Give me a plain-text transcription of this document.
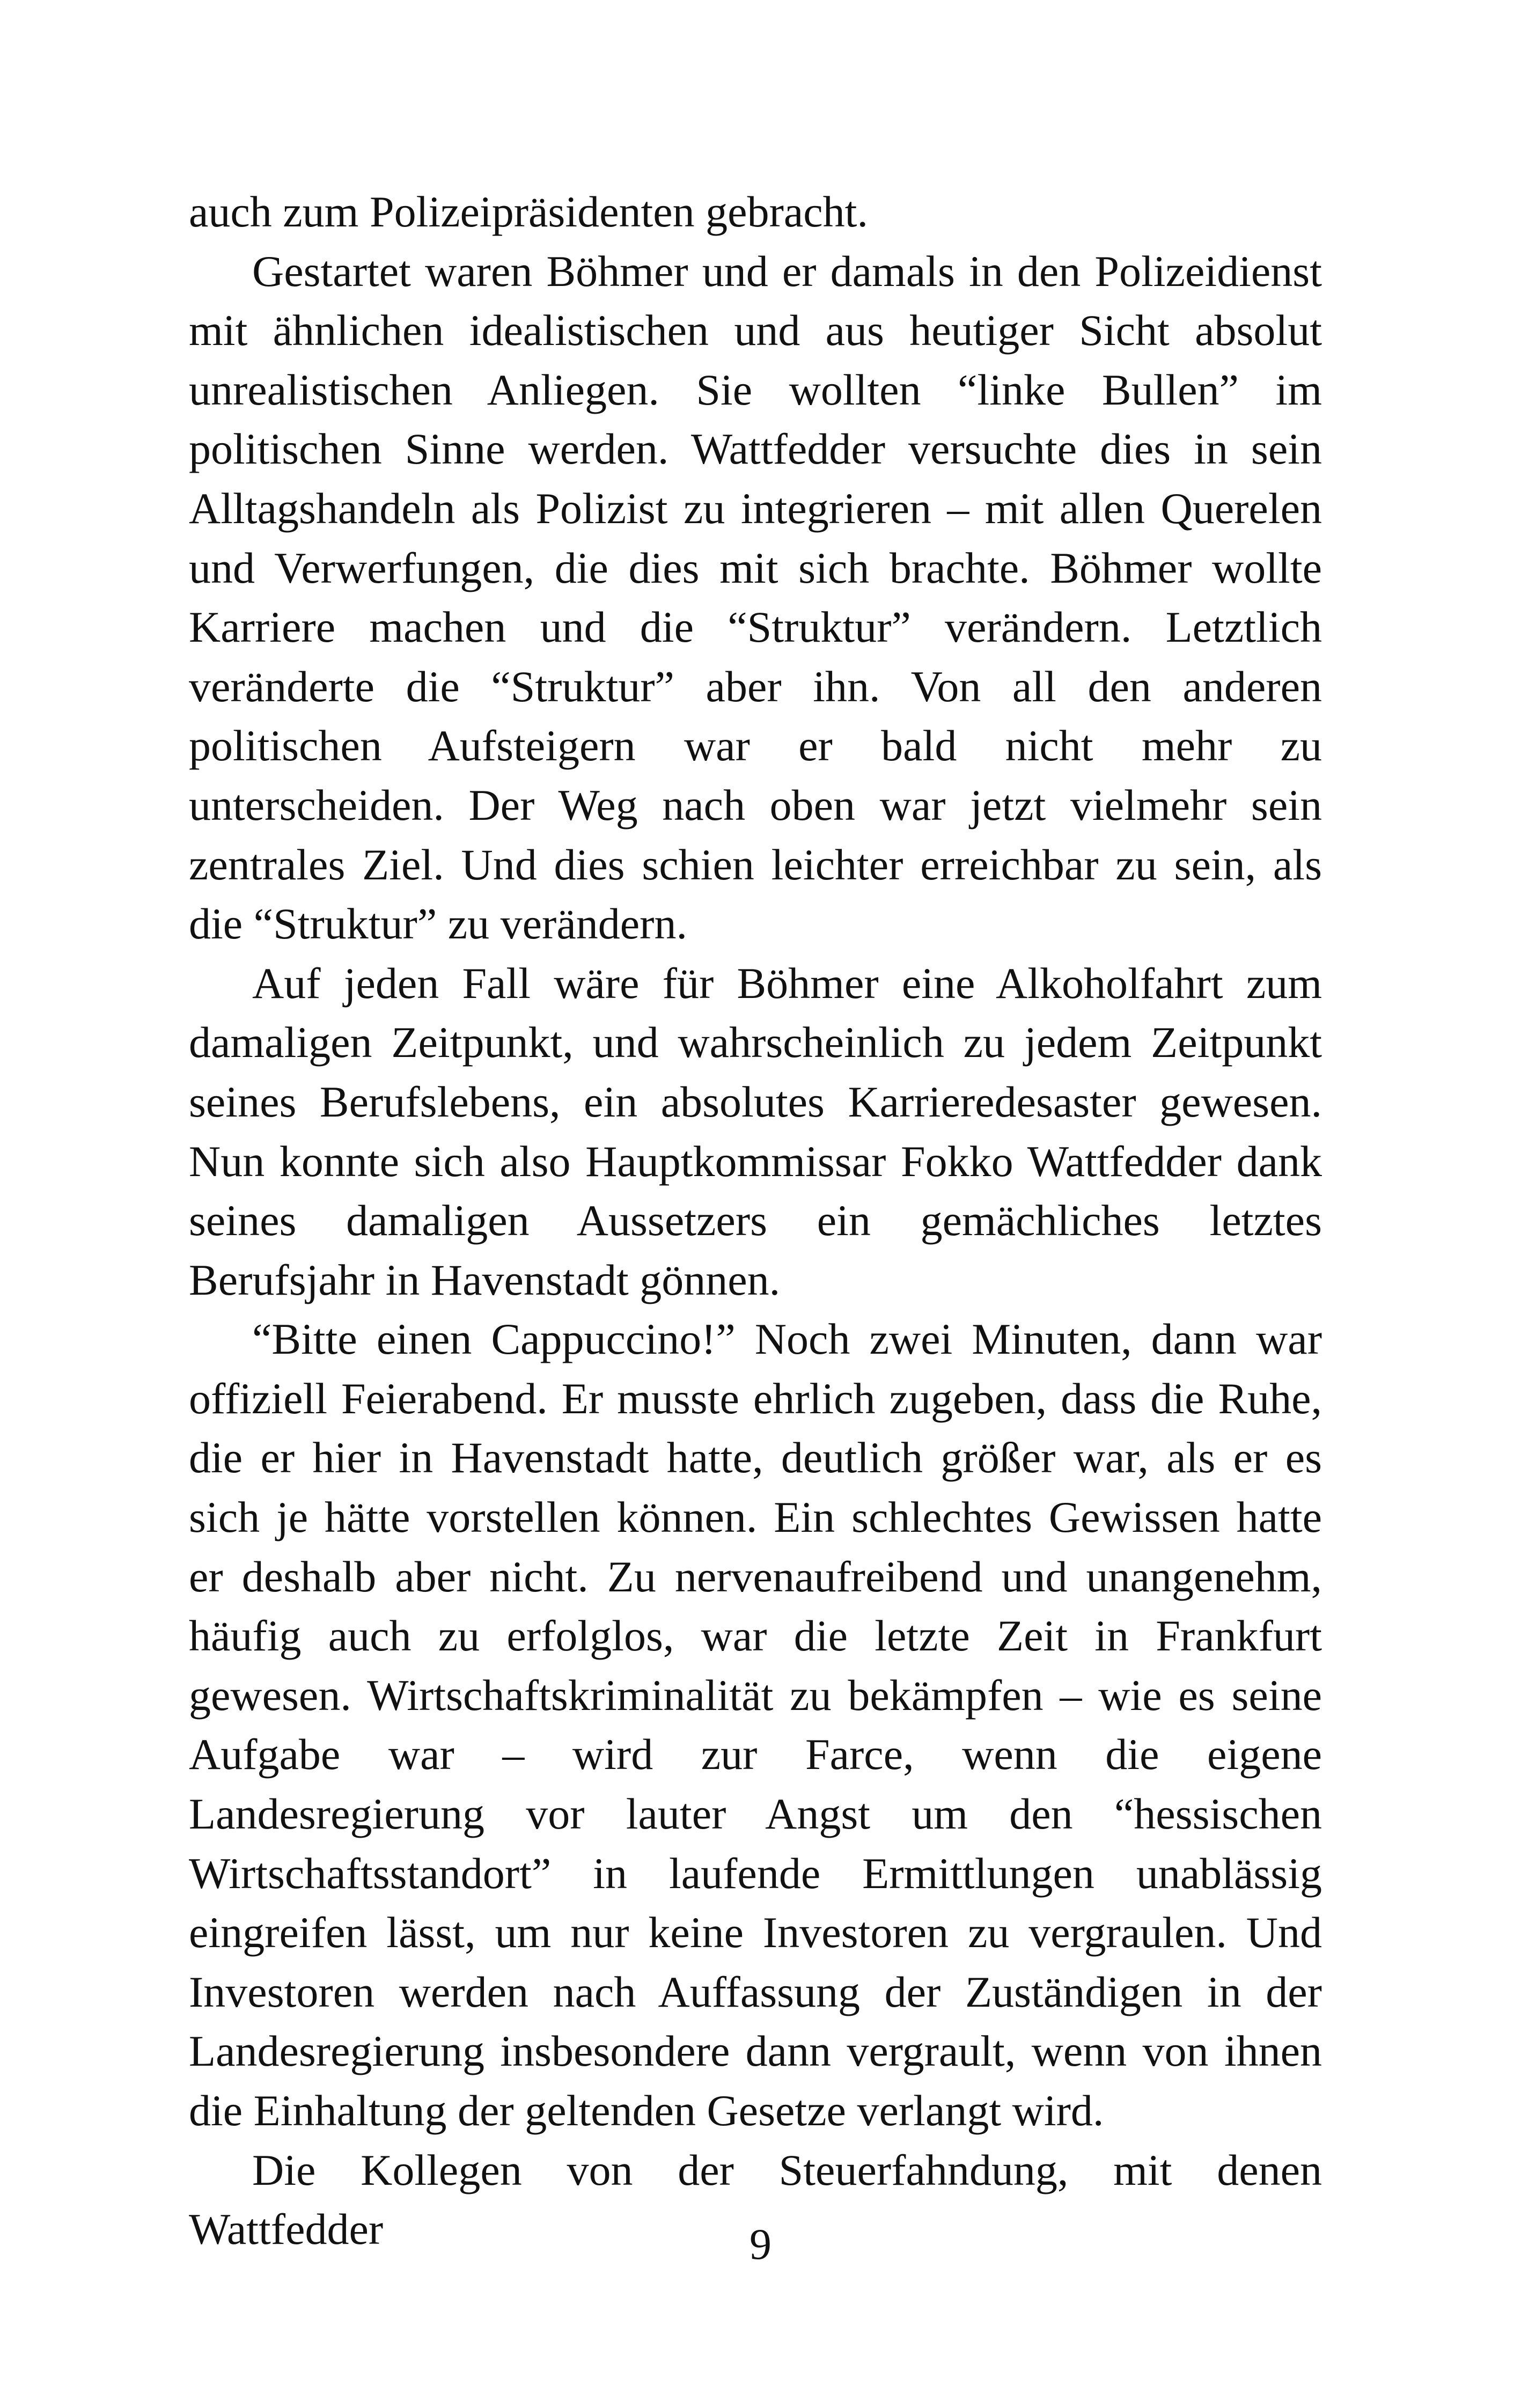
auch zum Polizeipräsidenten gebracht.

Gestartet waren Böhmer und er damals in den Polizeidienst mit ähnlichen idealistischen und aus heutiger Sicht absolut unrealistischen Anliegen. Sie wollten “linke Bullen” im politischen Sinne werden. Wattfedder versuchte dies in sein Alltagshandeln als Polizist zu integrieren – mit allen Querelen und Verwerfungen, die dies mit sich brachte. Böhmer wollte Karriere machen und die “Struktur” verändern. Letztlich veränderte die “Struktur” aber ihn. Von all den anderen politischen Aufsteigern war er bald nicht mehr zu unterscheiden. Der Weg nach oben war jetzt vielmehr sein zentrales Ziel. Und dies schien leichter erreichbar zu sein, als die “Struktur” zu verändern.

Auf jeden Fall wäre für Böhmer eine Alkoholfahrt zum damaligen Zeitpunkt, und wahrscheinlich zu jedem Zeitpunkt seines Berufslebens, ein absolutes Karrieredesaster gewesen. Nun konnte sich also Hauptkommissar Fokko Wattfedder dank seines damaligen Aussetzers ein gemächliches letztes Berufsjahr in Havenstadt gönnen.

“Bitte einen Cappuccino!” Noch zwei Minuten, dann war offiziell Feierabend. Er musste ehrlich zugeben, dass die Ruhe, die er hier in Havenstadt hatte, deutlich größer war, als er es sich je hätte vorstellen können. Ein schlechtes Gewissen hatte er deshalb aber nicht. Zu nervenaufreibend und unangenehm, häufig auch zu erfolglos, war die letzte Zeit in Frankfurt gewesen. Wirtschaftskriminalität zu bekämpfen – wie es seine Aufgabe war – wird zur Farce, wenn die eigene Landesregierung vor lauter Angst um den “hessischen Wirtschaftsstandort” in laufende Ermittlungen unablässig eingreifen lässt, um nur keine Investoren zu vergraulen. Und Investoren werden nach Auffassung der Zuständigen in der Landesregierung insbesondere dann vergrault, wenn von ihnen die Einhaltung der geltenden Gesetze verlangt wird.

Die Kollegen von der Steuerfahndung, mit denen Wattfedder	9
